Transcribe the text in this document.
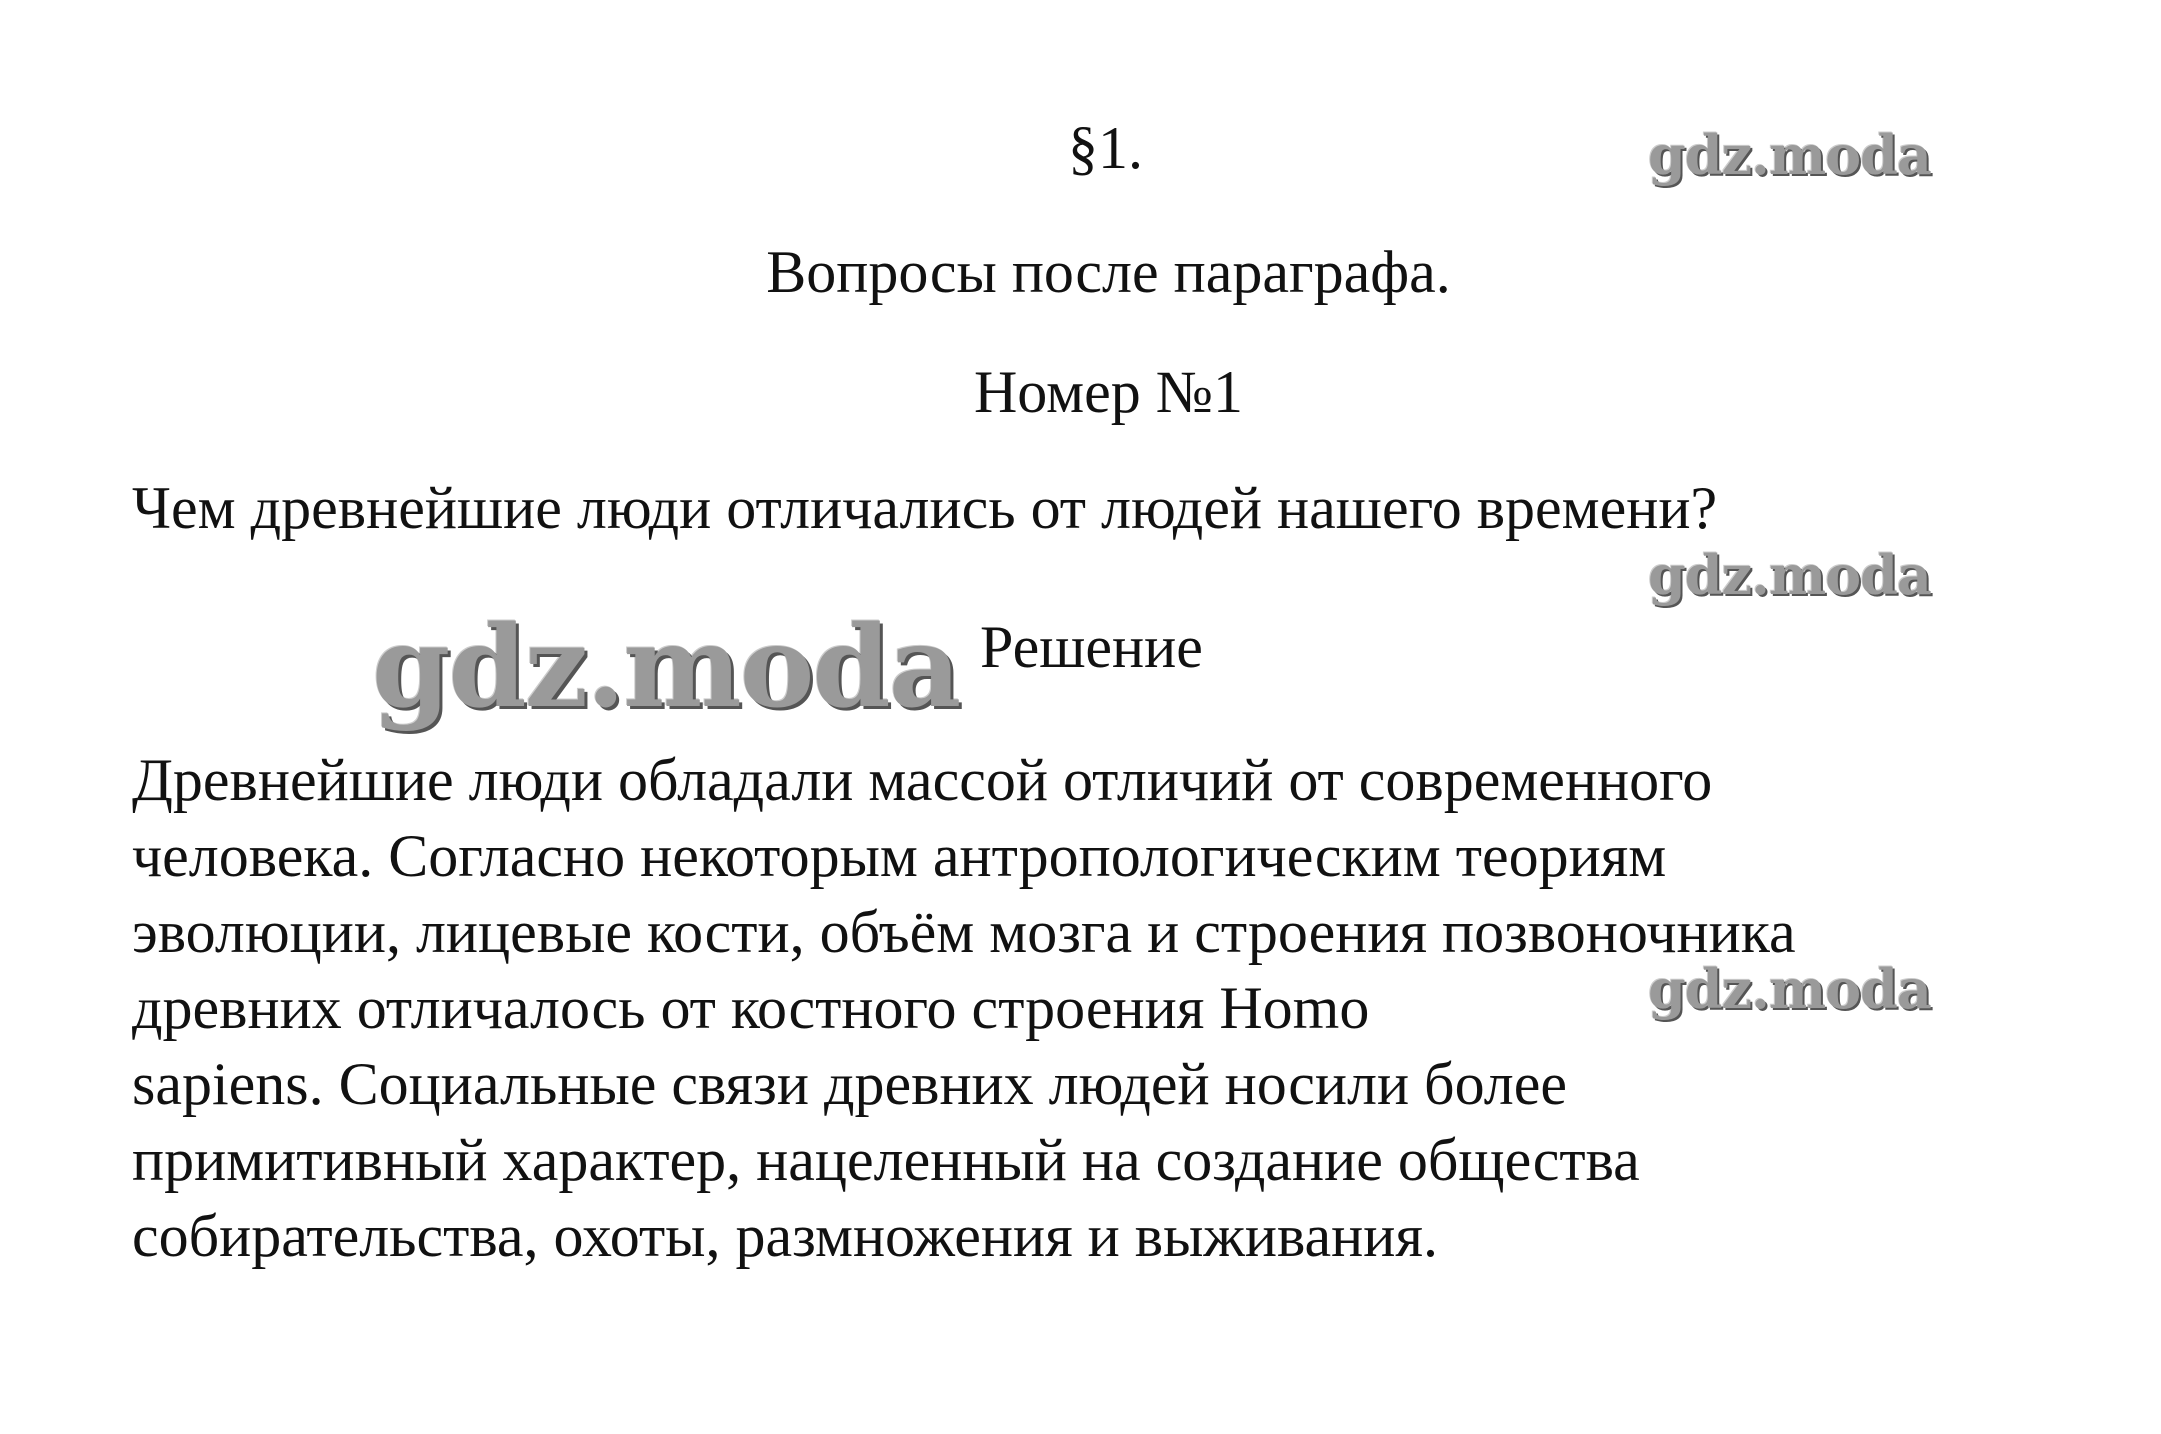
§1.	gdz.moda
Вопросы после параграфа.
Номер №1
Чем древнейшие люди отличались от людей нашего времени?
gdz.moda
gdz.moda Решение
Древнейшие люди обладали массой отличий от современного
человека. Согласно некоторым антропологическим теориям
эволюции, лицевые кости, объём мозга и строения позвоночника
древних отличалось от костного строения Homo
sapiens. Социальные связи древних людей носили более
примитивный характер, нацеленный на создание общества
собирательства, охоты, размножения и выживания.
gdz.moda
